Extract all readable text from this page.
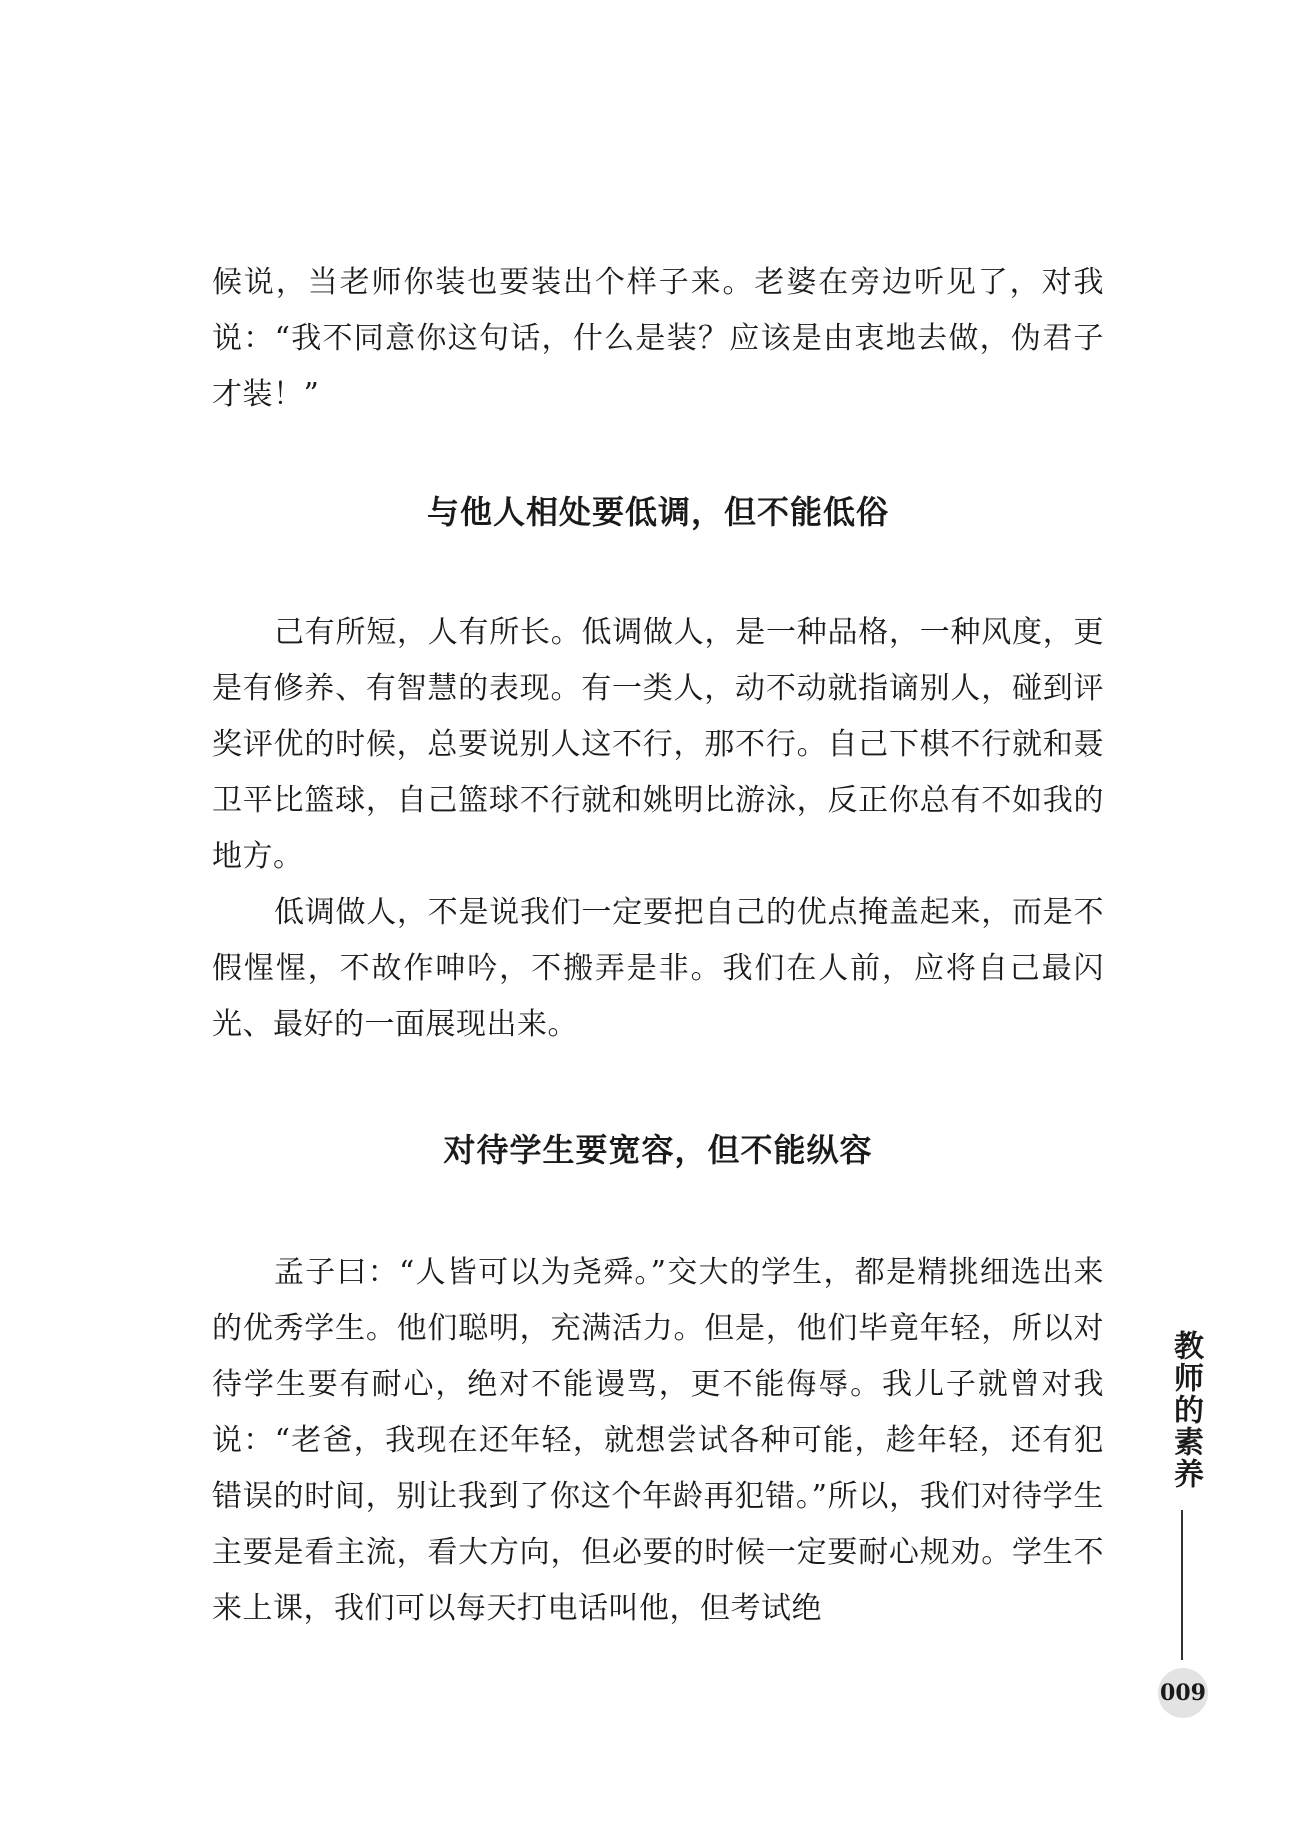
候说，当老师你装也要装出个样子来。老婆在旁边听见了，对我说：“我不同意你这句话，什么是装？应该是由衷地去做，伪君子才装！”

与他人相处要低调，但不能低俗

己有所短，人有所长。低调做人，是一种品格，一种风度，更是有修养、有智慧的表现。有一类人，动不动就指谪别人，碰到评奖评优的时候，总要说别人这不行，那不行。自己下棋不行就和聂卫平比篮球，自己篮球不行就和姚明比游泳，反正你总有不如我的地方。

低调做人，不是说我们一定要把自己的优点掩盖起来，而是不假惺惺，不故作呻吟，不搬弄是非。我们在人前，应将自己最闪光、最好的一面展现出来。

对待学生要宽容，但不能纵容

孟子曰：“人皆可以为尧舜。”交大的学生，都是精挑细选出来的优秀学生。他们聪明，充满活力。但是，他们毕竟年轻，所以对待学生要有耐心，绝对不能谩骂，更不能侮辱。我儿子就曾对我说：“老爸，我现在还年轻，就想尝试各种可能，趁年轻，还有犯错误的时间，别让我到了你这个年龄再犯错。”所以，我们对待学生主要是看主流，看大方向，但必要的时候一定要耐心规劝。学生不来上课，我们可以每天打电话叫他，但考试绝

教师的素养
009
